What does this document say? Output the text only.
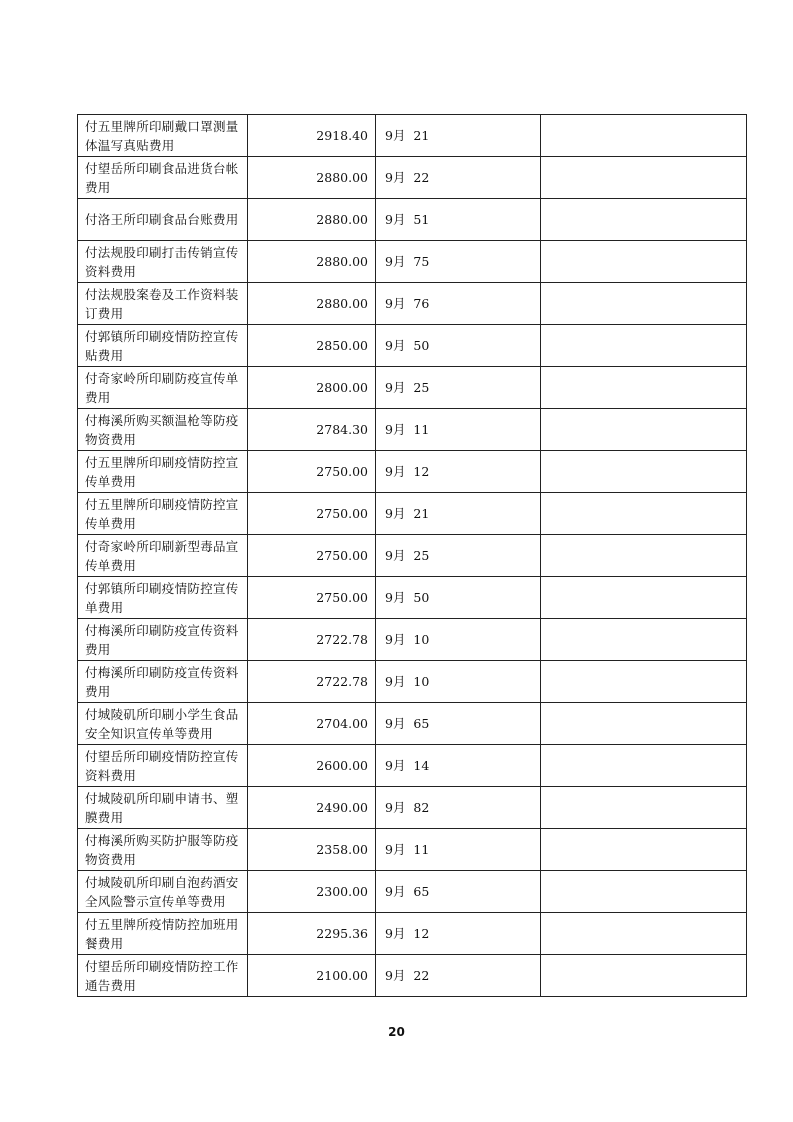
付五里牌所印刷戴口罩测量体温写真贴费用	2918.40	9月  21	

付望岳所印刷食品进货台帐费用	2880.00	9月  22	

付洛王所印刷食品台账费用	2880.00	9月  51	

付法规股印刷打击传销宣传资料费用	2880.00	9月  75	

付法规股案卷及工作资料装订费用	2880.00	9月  76	

付郭镇所印刷疫情防控宣传贴费用	2850.00	9月  50	

付奇家岭所印刷防疫宣传单费用	2800.00	9月  25	

付梅溪所购买额温枪等防疫物资费用	2784.30	9月  11	

付五里牌所印刷疫情防控宣传单费用	2750.00	9月  12	

付五里牌所印刷疫情防控宣传单费用	2750.00	9月  21	

付奇家岭所印刷新型毒品宣传单费用	2750.00	9月  25	

付郭镇所印刷疫情防控宣传单费用	2750.00	9月  50	

付梅溪所印刷防疫宣传资料费用	2722.78	9月  10	

付梅溪所印刷防疫宣传资料费用	2722.78	9月  10	

付城陵矶所印刷小学生食品安全知识宣传单等费用	2704.00	9月  65	

付望岳所印刷疫情防控宣传资料费用	2600.00	9月  14	

付城陵矶所印刷申请书、塑膜费用	2490.00	9月  82	

付梅溪所购买防护服等防疫物资费用	2358.00	9月  11	

付城陵矶所印刷自泡药酒安全风险警示宣传单等费用	2300.00	9月  65	

付五里牌所疫情防控加班用餐费用	2295.36	9月  12	

付望岳所印刷疫情防控工作通告费用	2100.00	9月  22	
20
